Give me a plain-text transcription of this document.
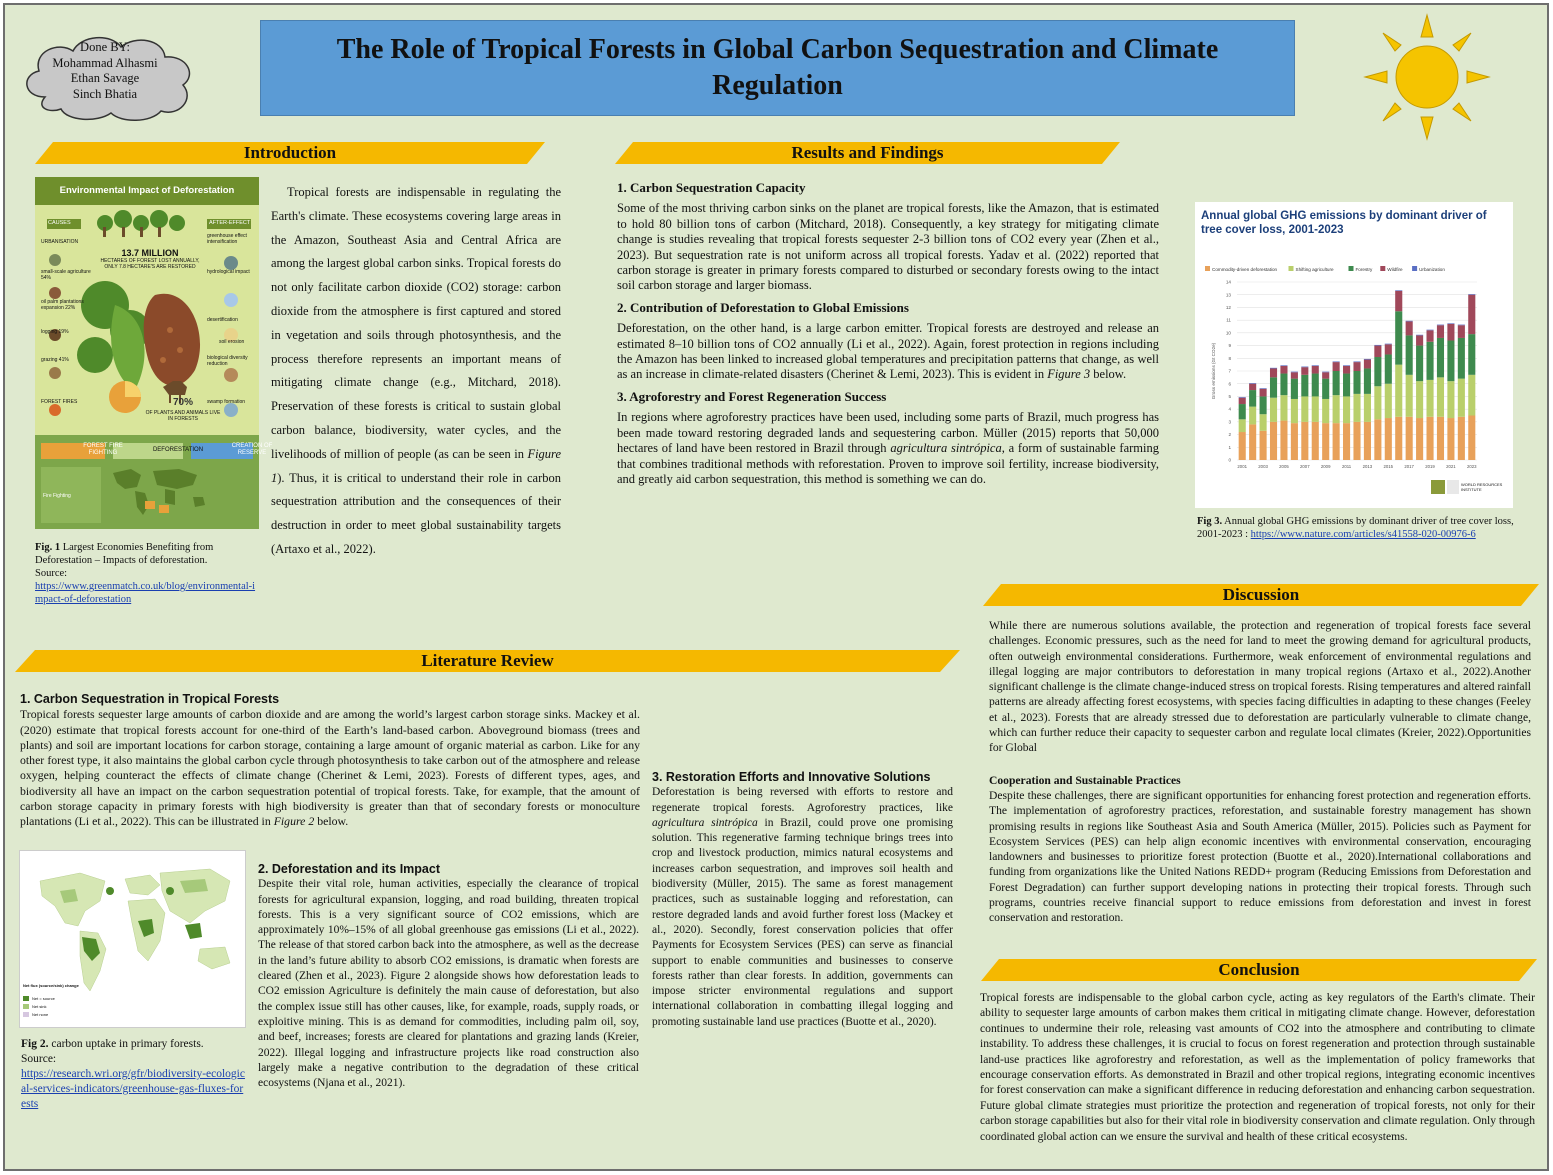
Done BY:
Mohammad Alhasmi
Ethan Savage
Sinch Bhatia
The Role of Tropical Forests in Global Carbon Sequestration and Climate Regulation
Introduction
Environmental Impact of Deforestation
13.7 MILLION
HECTARES OF FOREST LOST ANNUALLY, ONLY 7.8 HECTARE'S ARE RESTORED
CAUSES	AFTER-EFFECT
URBANISATION
small-scale agriculture 54%
oil palm plantations expansion 22%
logging 19%
grazing 41%
FOREST FIRES
greenhouse effect intensification
hydrological impact
desertification
soil erosion
biological diversity reduction
swamp formation
70%
OF PLANTS AND ANIMALS LIVE IN FORESTS
FOREST FIRE FIGHTING	DEFORESTATION
CREATION OF RESERVE
Fire Fighting
Fig. 1 Largest Economies Benefiting from Deforestation – Impacts of deforestation.
Source:
https://www.greenmatch.co.uk/blog/environmental-impact-of-deforestation
Tropical forests are indispensable in regulating the Earth's climate. These ecosystems covering large areas in the Amazon, Southeast Asia and Central Africa are among the largest global carbon sinks. Tropical forests do not only facilitate carbon dioxide (CO2) storage: carbon dioxide from the atmosphere is first captured and stored in vegetation and soils through photosynthesis, and the process therefore represents an important means of mitigating climate change (e.g., Mitchard, 2018). Preservation of these forests is critical to sustain global carbon balance, biodiversity, water cycles, and the livelihoods of million of people (as can be seen in Figure 1). Thus, it is critical to understand their role in carbon sequestration attribution and the consequences of their destruction in order to meet global sustainability targets (Artaxo et al., 2022).
Results and Findings
1. Carbon Sequestration Capacity
Some of the most thriving carbon sinks on the planet are tropical forests, like the Amazon, that is estimated to hold 80 billion tons of carbon (Mitchard, 2018). Consequently, a key strategy for mitigating climate change is studies revealing that tropical forests sequester 2-3 billion tons of CO2 every year (Zhen et al., 2023). But sequestration rate is not uniform across all tropical forests. Yadav et al. (2022) reported that carbon storage is greater in primary forests compared to disturbed or secondary forests owing to the intact soil carbon storage and larger biomass.
2. Contribution of Deforestation to Global Emissions
Deforestation, on the other hand, is a large carbon emitter. Tropical forests are destroyed and release an estimated 8–10 billion tons of CO2 annually (Li et al., 2022). Again, forest protection in regions including the Amazon has been linked to increased global temperatures and precipitation patterns that change, as well as an increase in climate-related disasters (Cherinet & Lemi, 2023). This is evident in Figure 3 below.
3. Agroforestry and Forest Regeneration Success
In regions where agroforestry practices have been used, including some parts of Brazil, much progress has been made toward restoring degraded lands and sequestering carbon. Müller (2015) reports that 50,000 hectares of land have been restored in Brazil through agricultura sintrópica, a form of sustainable farming that combines traditional methods with reforestation. Proven to improve soil fertility, increase biodiversity, and greatly aid carbon sequestration, this method is something we can do.
Annual global GHG emissions by dominant driver of tree cover loss, 2001-2023
Commodity-driven deforestation	Shifting agriculture	Forestry	Wildfire	Urbanization
0
1
2
3
4
5
6
7
8
9
10
11
12
13
14
Gross emissions (Gt CO2e)
2001	2003	2005	2007	2009	2011	2013	2015	2017	2019	2021	2023
WORLD RESOURCES INSTITUTE
Fig 3. Annual global GHG emissions by dominant driver of tree cover loss, 2001-2023 : https://www.nature.com/articles/s41558-020-00976-6
Discussion
While there are numerous solutions available, the protection and regeneration of tropical forests face several challenges. Economic pressures, such as the need for land to meet the growing demand for agricultural products, often outweigh environmental considerations. Furthermore, weak enforcement of environmental regulations and illegal logging are major contributors to deforestation in many tropical regions (Artaxo et al., 2022).Another significant challenge is the climate change-induced stress on tropical forests. Rising temperatures and altered rainfall patterns are already affecting forest ecosystems, with species facing difficulties in adapting to these changes (Feeley et al., 2023). Forests that are already stressed due to deforestation are particularly vulnerable to climate change, which can further reduce their capacity to sequester carbon and regulate local climates (Kreier, 2022).Opportunities for Global
Cooperation and Sustainable Practices
Despite these challenges, there are significant opportunities for enhancing forest protection and regeneration efforts. The implementation of agroforestry practices, reforestation, and sustainable forestry management has shown promising results in regions like Southeast Asia and South America (Müller, 2015). Policies such as Payment for Ecosystem Services (PES) can help align economic incentives with environmental conservation, encouraging landowners and businesses to prioritize forest protection (Buotte et al., 2020).International collaborations and funding from organizations like the United Nations REDD+ program (Reducing Emissions from Deforestation and Forest Degradation) can further support developing nations in protecting their tropical forests. Through such programs, countries receive financial support to reduce emissions from deforestation and invest in forest conservation and restoration.
Conclusion
Tropical forests are indispensable to the global carbon cycle, acting as key regulators of the Earth's climate. Their ability to sequester large amounts of carbon makes them critical in mitigating climate change. However, deforestation continues to undermine their role, releasing vast amounts of CO2 into the atmosphere and contributing to climate instability. To address these challenges, it is crucial to focus on forest regeneration and protection through sustainable land-use practices like agroforestry and reforestation, as well as the implementation of policy frameworks that encourage conservation efforts. As demonstrated in Brazil and other tropical regions, integrating economic incentives for forest conservation can make a significant difference in reducing deforestation and enhancing carbon sequestration. Future global climate strategies must prioritize the protection and regeneration of tropical forests, not only for their carbon storage capabilities but also for their vital role in biodiversity conservation and climate regulation. Only through coordinated global action can we ensure the survival and health of these critical ecosystems.
Literature Review
1. Carbon Sequestration in Tropical Forests
Tropical forests sequester large amounts of carbon dioxide and are among the world’s largest carbon storage sinks. Mackey et al. (2020) estimate that tropical forests account for one-third of the Earth’s land-based carbon. Aboveground biomass (trees and plants) and soil are important locations for carbon storage, containing a large amount of organic material as carbon. Like for any other forest type, it also maintains the global carbon cycle through photosynthesis to take carbon out of the atmosphere and release oxygen, helping counteract the effects of climate change (Cherinet & Lemi, 2023). Forests of different types, ages, and biodiversity all have an impact on the carbon sequestration potential of tropical forests. Take, for example, that the amount of carbon storage capacity in primary forests with high biodiversity is greater than that of secondary forests or monoculture plantations (Li et al., 2022). This can be illustrated in Figure 2 below.
Net flux (source/sink) change
Net = source
Net sink
Net none
Fig 2. carbon uptake in primary forests.
Source:
https://research.wri.org/gfr/biodiversity-ecological-services-indicators/greenhouse-gas-fluxes-forests
2. Deforestation and its Impact
Despite their vital role, human activities, especially the clearance of tropical forests for agricultural expansion, logging, and road building, threaten tropical forests. This is a very significant source of CO2 emissions, which are approximately 10%–15% of all global greenhouse gas emissions (Li et al., 2022). The release of that stored carbon back into the atmosphere, as well as the decrease in the land’s future ability to absorb CO2 emissions, is dramatic when forests are cleared (Zhen et al., 2023). Figure 2 alongside shows how deforestation leads to CO2 emission Agriculture is definitely the main cause of deforestation, but also the complex issue still has other causes, like, for example, roads, supply roads, or exploitive mining. This is as demand for commodities, including palm oil, soy, and beef, increases; forests are cleared for plantations and grazing lands (Kreier, 2022). Illegal logging and infrastructure projects like road construction also largely make a negative contribution to the degradation of these critical ecosystems (Njana et al., 2021).
3. Restoration Efforts and Innovative Solutions
Deforestation is being reversed with efforts to restore and regenerate tropical forests. Agroforestry practices, like agricultura sintrópica in Brazil, could prove one promising solution. This regenerative farming technique brings trees into crop and livestock production, mimics natural ecosystems and increases carbon sequestration, and improves soil health and biodiversity (Müller, 2015). The same as forest management practices, such as sustainable logging and reforestation, can restore degraded lands and avoid further forest loss (Mackey et al., 2020). Secondly, forest conservation policies that offer Payments for Ecosystem Services (PES) can serve as financial support to enable communities and businesses to conserve forests rather than clear forests. In addition, governments can impose stricter environmental regulations and support international collaboration in combatting illegal logging and promoting sustainable land use practices (Buotte et al., 2020).
